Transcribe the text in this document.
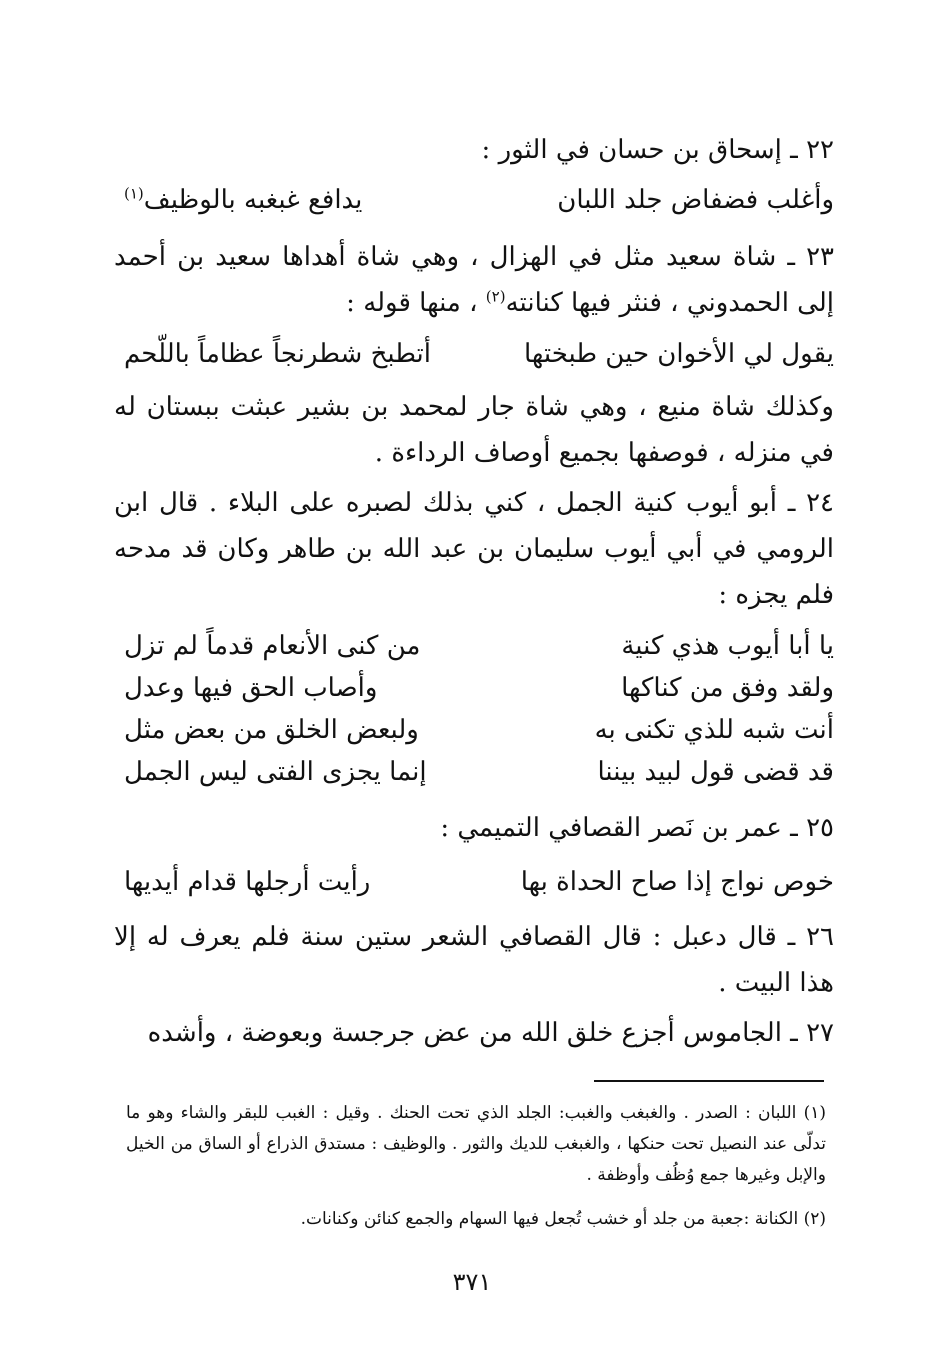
٢٢ ـ إسحاق بن حسان في الثور :
وأغلب فضفاض جلد اللبان
يدافع غبغبه بالوظيف$^{(١)}$
٢٣ ـ شاة سعيد مثل في الهزال ، وهي شاة أهداها سعيد بن أحمد إلى الحمدوني ، فنثر فيها كنانته$^{(٢)}$ ، منها قوله :
يقول لي الأخوان حين طبختها
أتطبخ شطرنجاً عظاماً باللّحم
وكذلك شاة منيع ، وهي شاة جار لمحمد بن بشير عبثت ببستان له في منزله ، فوصفها بجميع أوصاف الرداءة .
٢٤ ـ أبو أيوب كنية الجمل ، كني بذلك لصبره على البلاء . قال ابن الرومي في أبي أيوب سليمان بن عبد الله بن طاهر وكان قد مدحه فلم يجزه :
يا أبا أيوب هذي كنية
من كنى الأنعام قدماً لم تزل
ولقد وفق من كناكها
وأصاب الحق فيها وعدل
أنت شبه للذي تكنى به
ولبعض الخلق من بعض مثل
قد قضى قول لبيد بيننا
إنما يجزى الفتى ليس الجمل
٢٥ ـ عمر بن نَصر القصافي التميمي :
خوص نواج إذا صاح الحداة بها
رأيت أرجلها قدام أيديها
٢٦ ـ قال دعبل : قال القصافي الشعر ستين سنة فلم يعرف له إلا هذا البيت .
٢٧ ـ الجاموس أجزع خلق الله من عض جرجسة وبعوضة ، وأشده
(١) اللبان : الصدر . والغبغب والغبب: الجلد الذي تحت الحنك . وقيل : الغبب للبقر والشاء وهو ما تدلّى عند النصيل تحت حنكها ، والغبغب للديك والثور . والوظيف : مستدق الذراع أو الساق من الخيل والإبل وغيرها جمع وُظُف وأوظفة .
(٢) الكنانة :جعبة من جلد أو خشب تُجعل فيها السهام والجمع كنائن وكنانات.
٣٧١
